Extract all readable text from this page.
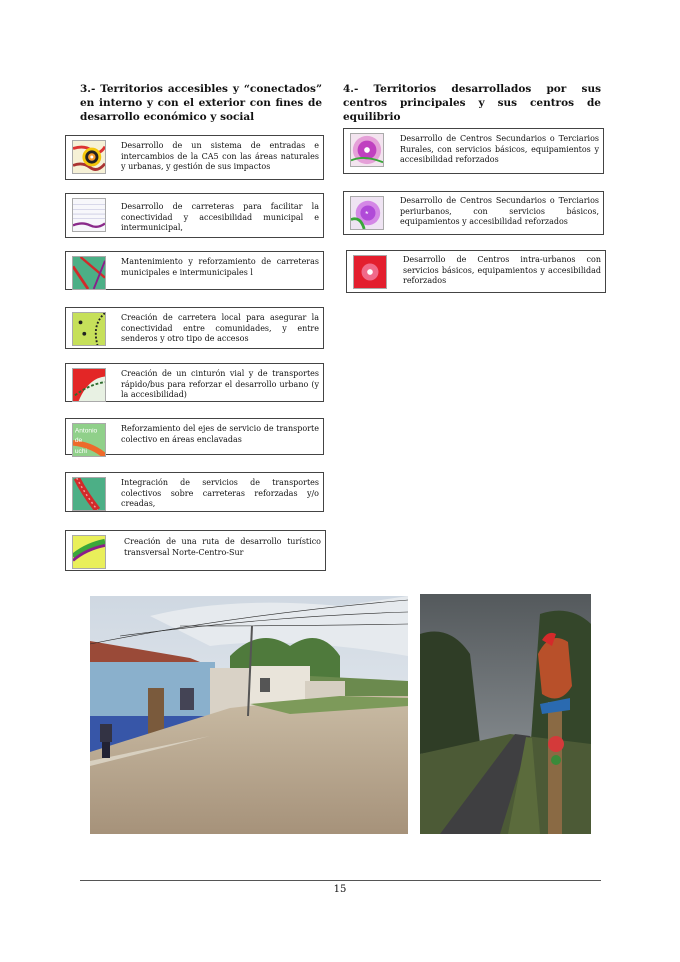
3.- Territorios accesibles y “conectados” en interno y con el exterior con fines de desarrollo económico y social
4.- Territorios desarrollados por sus centros principales y sus centros de equilibrio
Desarrollo de un sistema de entradas e intercambios de la CA5 con las áreas naturales y urbanas, y gestión de sus impactos
Desarrollo de carreteras para facilitar la conectividad y accesibilidad municipal e intermunicipal,
Mantenimiento y reforzamiento de carreteras municipales e intermunicipales l
Creación de carretera local para asegurar la conectividad entre comunidades, y entre senderos y otro tipo de accesos
Creación de un cinturón vial y de transportes rápido/bus para reforzar el desarrollo urbano (y la accesibilidad)
Antonio
de
uchi
Reforzamiento del ejes de servicio de transporte colectivo en áreas enclavadas
Integración de servicios de transportes colectivos sobre carreteras reforzadas y/o creadas,
Creación de una ruta de desarrollo turístico transversal Norte-Centro-Sur
Desarrollo de Centros Secundarios o Terciarios Rurales, con servicios básicos, equipamientos y accesibilidad reforzados
*
Desarrollo de Centros Secundarios o Terciarios periurbanos, con servicios básicos, equipamientos y accesibilidad reforzados
Desarrollo de Centros intra-urbanos con servicios básicos, equipamientos y accesibilidad reforzados
15
